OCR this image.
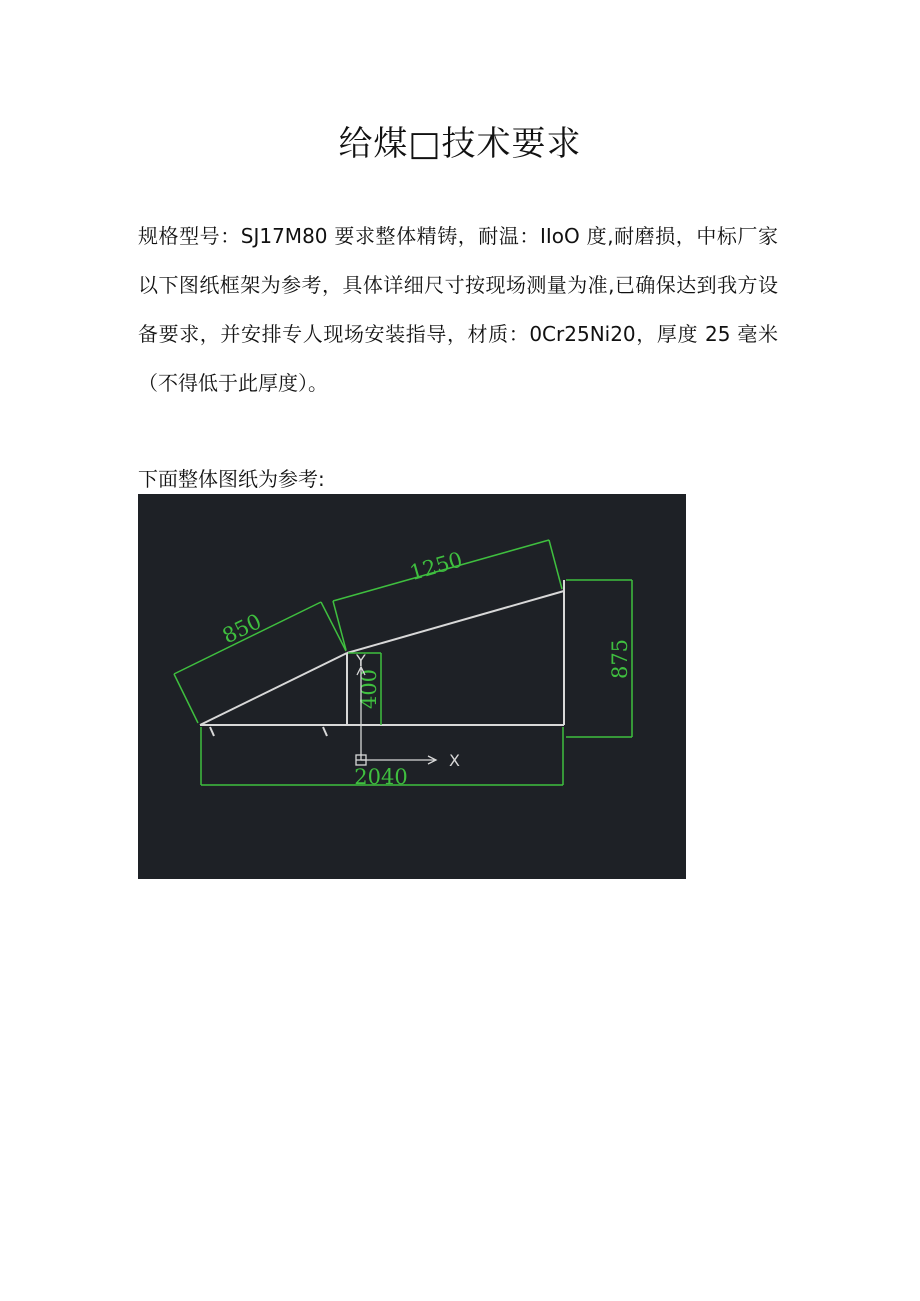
给煤□技术要求
规格型号：SJ17M80 要求整体精铸，耐温：IIoO 度,耐磨损，中标厂家以下图纸框架为参考，具体详细尺寸按现场测量为准,已确保达到我方设备要求，并安排专人现场安装指导，材质：0Cr25Ni20，厚度 25 毫米（不得低于此厚度）。
下面整体图纸为参考:
850
1250
875
400
2040
Y
X
